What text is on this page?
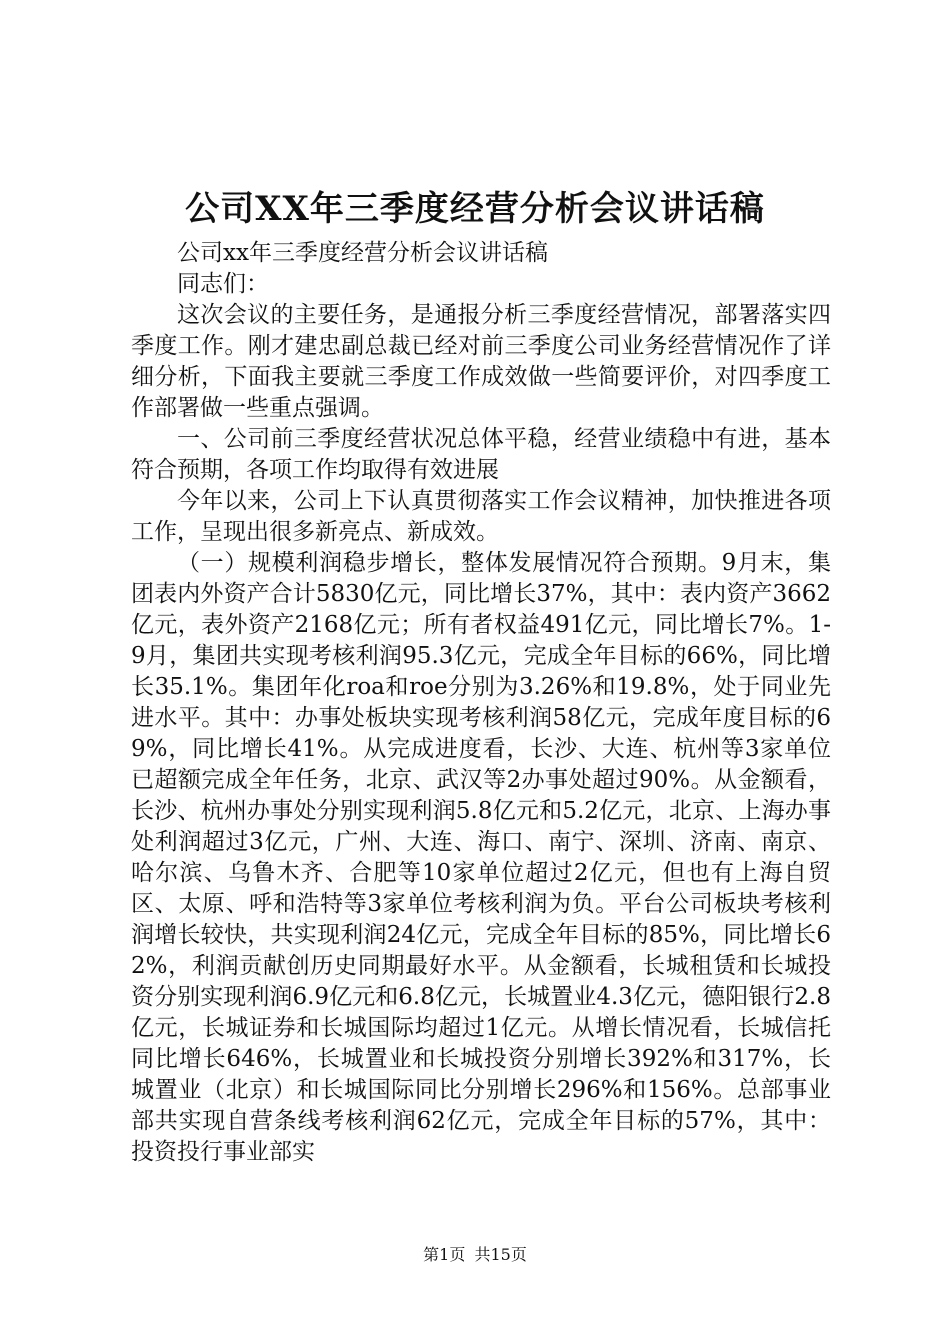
公司XX年三季度经营分析会议讲话稿

公司xx年三季度经营分析会议讲话稿

同志们：

这次会议的主要任务，是通报分析三季度经营情况，部署落实四季度工作。刚才建忠副总裁已经对前三季度公司业务经营情况作了详细分析，下面我主要就三季度工作成效做一些简要评价，对四季度工作部署做一些重点强调。

一、公司前三季度经营状况总体平稳，经营业绩稳中有进，基本符合预期，各项工作均取得有效进展

今年以来，公司上下认真贯彻落实工作会议精神，加快推进各项工作，呈现出很多新亮点、新成效。

（一）规模利润稳步增长，整体发展情况符合预期。9月末，集团表内外资产合计5830亿元，同比增长37%，其中：表内资产3662亿元，表外资产2168亿元；所有者权益491亿元，同比增长7%。1-9月，集团共实现考核利润95.3亿元，完成全年目标的66%，同比增长35.1%。集团年化roa和roe分别为3.26%和19.8%，处于同业先进水平。其中：办事处板块实现考核利润58亿元，完成年度目标的69%，同比增长41%。从完成进度看，长沙、大连、杭州等3家单位已超额完成全年任务，北京、武汉等2办事处超过90%。从金额看，长沙、杭州办事处分别实现利润5.8亿元和5.2亿元，北京、上海办事处利润超过3亿元，广州、大连、海口、南宁、深圳、济南、南京、哈尔滨、乌鲁木齐、合肥等10家单位超过2亿元，但也有上海自贸区、太原、呼和浩特等3家单位考核利润为负。平台公司板块考核利润增长较快，共实现利润24亿元，完成全年目标的85%，同比增长62%，利润贡献创历史同期最好水平。从金额看，长城租赁和长城投资分别实现利润6.9亿元和6.8亿元，长城置业4.3亿元，德阳银行2.8亿元，长城证券和长城国际均超过1亿元。从增长情况看，长城信托同比增长646%，长城置业和长城投资分别增长392%和317%，长城置业（北京）和长城国际同比分别增长296%和156%。总部事业部共实现自营条线考核利润62亿元，完成全年目标的57%，其中：投资投行事业部实

第1页 共15页
